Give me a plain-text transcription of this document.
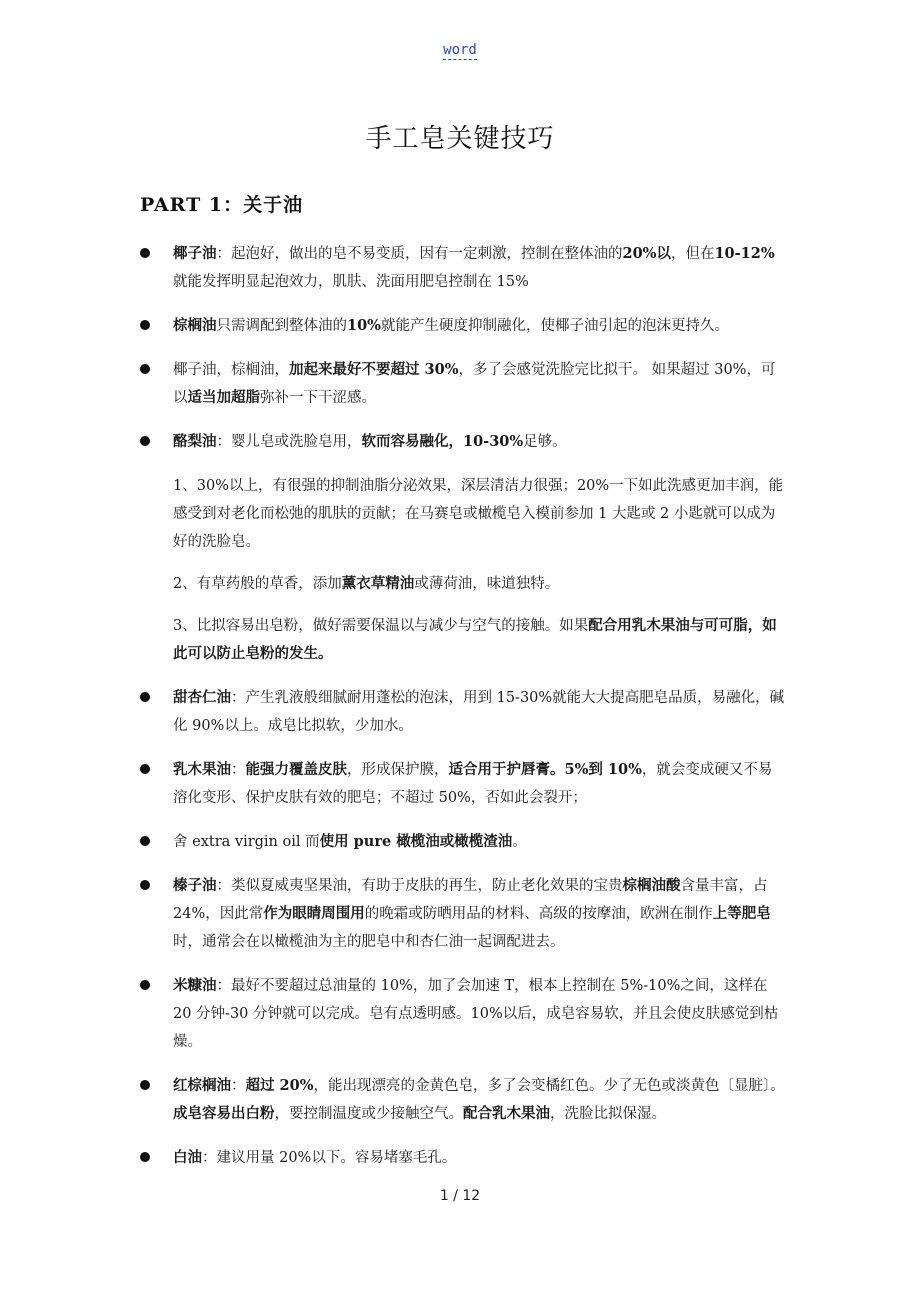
word
手工皂关键技巧
PART 1：关于油
椰子油：起泡好，做出的皂不易变质，因有一定刺激，控制在整体油的20%以，但在10-12%就能发挥明显起泡效力，肌肤、洗面用肥皂控制在 15%
棕榈油只需调配到整体油的10%就能产生硬度抑制融化，使椰子油引起的泡沫更持久。
椰子油，棕榈油，加起来最好不要超过 30%，多了会感觉洗脸完比拟干。 如果超过 30%，可以适当加超脂弥补一下干涩感。
酪梨油：婴儿皂或洗脸皂用，软而容易融化，10-30%足够。
1、30%以上，有很强的抑制油脂分泌效果，深层清洁力很强；20%一下如此洗感更加丰润，能感受到对老化而松弛的肌肤的贡献；在马赛皂或橄榄皂入模前参加 1 大匙或 2 小匙就可以成为好的洗脸皂。
2、有草药般的草香，添加薰衣草精油或薄荷油，味道独特。
3、比拟容易出皂粉，做好需要保温以与减少与空气的接触。如果配合用乳木果油与可可脂，如此可以防止皂粉的发生。
甜杏仁油：产生乳液般细腻耐用蓬松的泡沫，用到 15-30%就能大大提高肥皂品质，易融化，碱化 90%以上。成皂比拟软，少加水。
乳木果油：能强力覆盖皮肤，形成保护膜，适合用于护唇膏。5%到 10%，就会变成硬又不易溶化变形、保护皮肤有效的肥皂；不超过 50%，否如此会裂开；
舍 extra virgin oil 而使用 pure 橄榄油或橄榄渣油。
榛子油：类似夏威夷坚果油，有助于皮肤的再生，防止老化效果的宝贵棕榈油酸含量丰富，占 24%，因此常作为眼睛周围用的晚霜或防晒用品的材料、高级的按摩油，欧洲在制作上等肥皂时，通常会在以橄榄油为主的肥皂中和杏仁油一起调配进去。
米糠油：最好不要超过总油量的 10%，加了会加速 T，根本上控制在 5%-10%之间，这样在 20 分钟-30 分钟就可以完成。皂有点透明感。10%以后，成皂容易软，并且会使皮肤感觉到枯燥。
红棕榈油：超过 20%，能出现漂亮的金黄色皂，多了会变橘红色。少了无色或淡黄色〔显脏〕。成皂容易出白粉，要控制温度或少接触空气。配合乳木果油，洗脸比拟保湿。
白油：建议用量 20%以下。容易堵塞毛孔。
1 / 12
